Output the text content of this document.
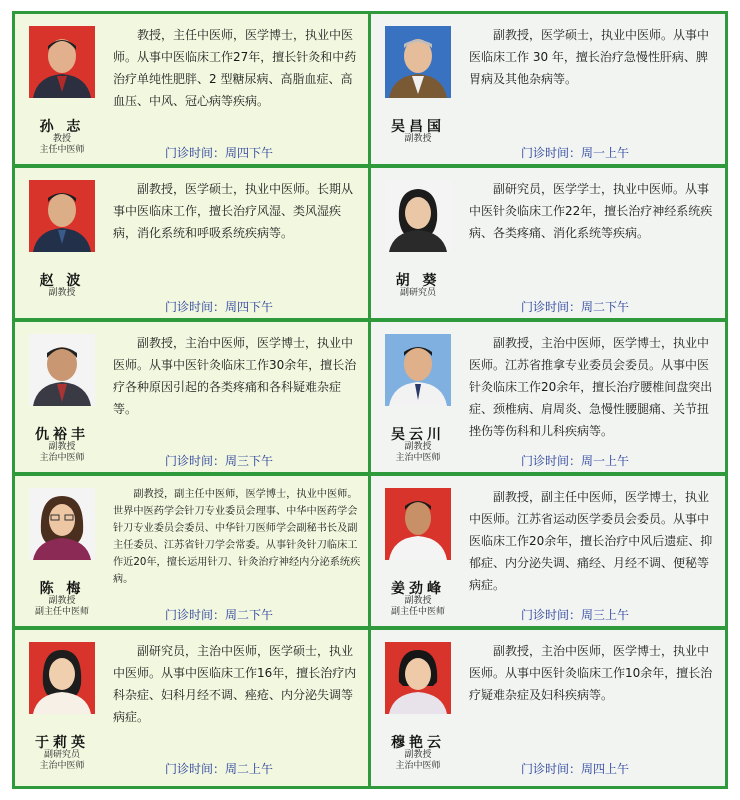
孙 志
教授
主任中医师

教授，主任中医师，医学博士，执业中医师。从事中医临床工作27年，擅长针灸和中药治疗单纯性肥胖、2 型糖尿病、高脂血症、高血压、中风、冠心病等疾病。

门诊时间：周四下午
吴昌国
副教授

副教授，医学硕士，执业中医师。从事中医临床工作 30 年，擅长治疗急慢性肝病、脾胃病及其他杂病等。

门诊时间：周一上午
赵 波
副教授

副教授，医学硕士，执业中医师。长期从事中医临床工作，擅长治疗风湿、类风湿疾病，消化系统和呼吸系统疾病等。

门诊时间：周四下午
胡 葵
副研究员

副研究员，医学学士，执业中医师。从事中医针灸临床工作22年，擅长治疗神经系统疾病、各类疼痛、消化系统等疾病。

门诊时间：周二下午
仇裕丰
副教授
主治中医师

副教授，主治中医师，医学博士，执业中医师。从事中医针灸临床工作30余年，擅长治疗各种原因引起的各类疼痛和各科疑难杂症等。

门诊时间：周三下午
吴云川
副教授
主治中医师

副教授，主治中医师，医学博士，执业中医师。江苏省推拿专业委员会委员。从事中医针灸临床工作20余年，擅长治疗腰椎间盘突出症、颈椎病、肩周炎、急慢性腰腿痛、关节扭挫伤等伤科和儿科疾病等。

门诊时间：周一上午
陈 梅
副教授
副主任中医师

副教授，副主任中医师，医学博士，执业中医师。世界中医药学会针刀专业委员会理事、中华中医药学会针刀专业委员会委员、中华针刀医师学会副秘书长及副主任委员、江苏省针刀学会常委。从事针灸针刀临床工作近20年，擅长运用针刀、针灸治疗神经内分泌系统疾病。

门诊时间：周二下午
姜劲峰
副教授
副主任中医师

副教授，副主任中医师，医学博士，执业中医师。江苏省运动医学委员会委员。从事中医临床工作20余年，擅长治疗中风后遗症、抑郁症、内分泌失调、痛经、月经不调、便秘等病症。

门诊时间：周三上午
于莉英
副研究员
主治中医师

副研究员，主治中医师，医学硕士，执业中医师。从事中医临床工作16年，擅长治疗内科杂症、妇科月经不调、痤疮、内分泌失调等病症。

门诊时间：周二上午
穆艳云
副教授
主治中医师

副教授，主治中医师，医学博士，执业中医师。从事中医针灸临床工作10余年，擅长治疗疑难杂症及妇科疾病等。

门诊时间：周四上午
